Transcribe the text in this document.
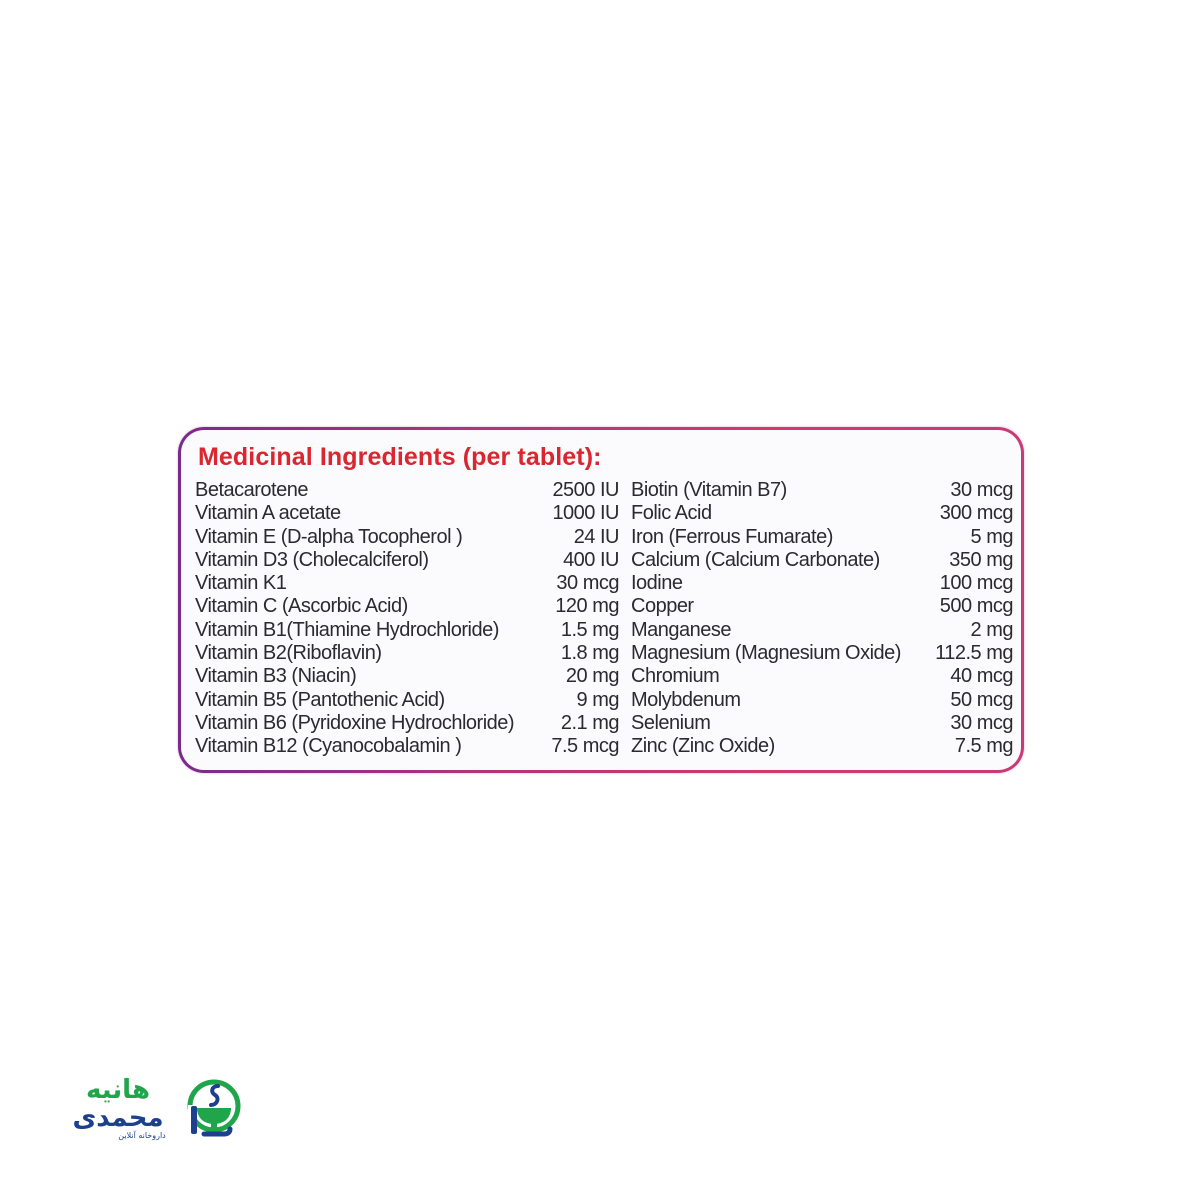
Medicinal Ingredients (per tablet):
Betacarotene	2500 IU
Vitamin A acetate	1000 IU
Vitamin E (D-alpha Tocopherol )	24 IU
Vitamin D3 (Cholecalciferol)	400 IU
Vitamin K1	30 mcg
Vitamin C (Ascorbic Acid)	120 mg
Vitamin B1(Thiamine Hydrochloride)	1.5 mg
Vitamin B2(Riboflavin)	1.8 mg
Vitamin B3 (Niacin)	20 mg
Vitamin B5 (Pantothenic Acid)	9 mg
Vitamin B6 (Pyridoxine Hydrochloride) 2.1 mg
Vitamin B12 (Cyanocobalamin )	7.5 mcg
Biotin (Vitamin B7)	30 mcg
Folic Acid	300 mcg
Iron (Ferrous Fumarate)	5 mg
Calcium (Calcium Carbonate)	350 mg
Iodine	100 mcg
Copper	500 mcg
Manganese	2 mg
Magnesium (Magnesium Oxide) 112.5 mg
Chromium	40 mcg
Molybdenum	50 mcg
Selenium	30 mcg
Zinc (Zinc Oxide)	7.5 mg
هانیه
محمدی
داروخانه آنلاین
